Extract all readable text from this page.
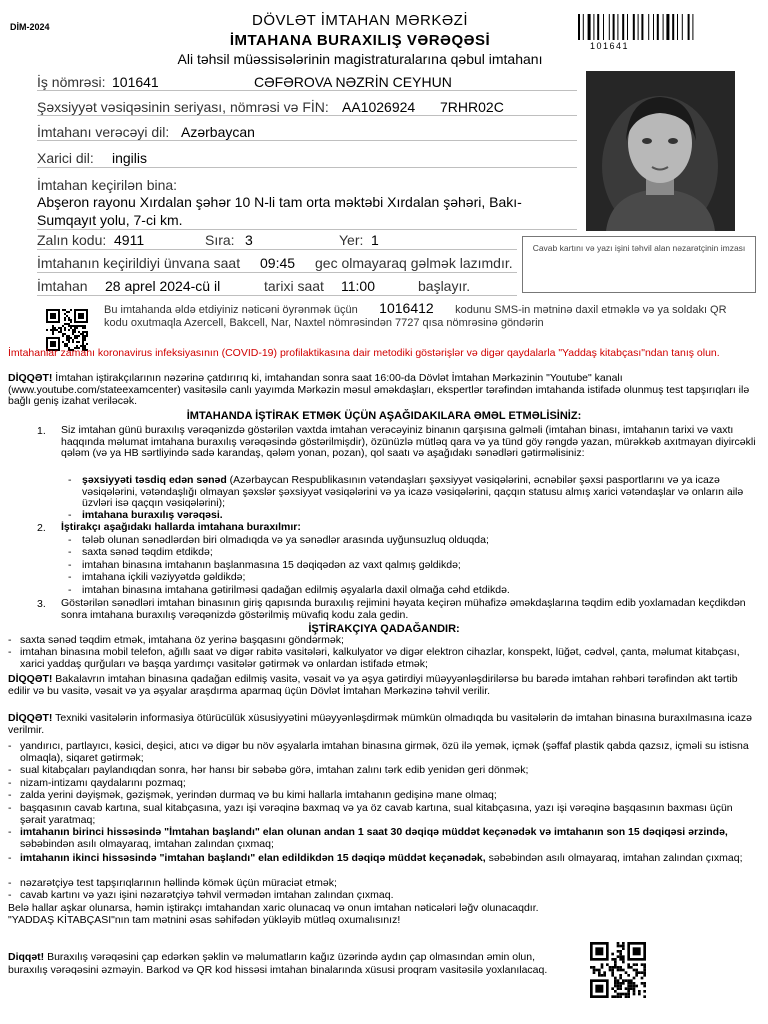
DİM-2024	DÖVLƏT İMTAHAN MƏRKƏZİ
İMTAHANA BURAXILIŞ VƏRƏQƏSİ
Ali təhsil müəssisələrinin magistraturalarına qəbul imtahanı
101641
İş nömrəsi: 101641	CƏFƏROVA NƏZRİN CEYHUN
Şəxsiyyət vəsiqəsinin seriyası, nömrəsi və FİN: AA1026924 7RHR02C
İmtahanı verəcəyi dil: Azərbaycan
Xarici dil: ingilis
İmtahan keçirilən bina:
Abşeron rayonu Xırdalan şəhər 10 N-li tam orta məktəbi Xırdalan şəhəri, Bakı-
Sumqayıt yolu, 7-ci km.
Zalın kodu: 4911	Sıra: 3	Yer: 1
İmtahanın keçirildiyi ünvana saat 09:45 gec olmayaraq gəlmək lazımdır.
İmtahan 28 aprel 2024-cü il	tarixi saat 11:00	başlayır.
Cavab kartını və yazı işini təhvil alan nəzarətçinin imzası
Bu imtahanda əldə etdiyiniz nəticəni öyrənmək üçün 1016412 kodunu SMS-in mətninə daxil etməklə və ya soldakı QR kodu oxutmaqla Azercell, Bakcell, Nar, Naxtel nömrəsindən 7727 qısa nömrəsinə göndərin
İmtahanlar zamanı koronavirus infeksiyasının (COVID-19) profilaktikasına dair metodiki göstərişlər və digər qaydalarla "Yaddaş kitabçası"ndan tanış olun.
DİQQƏT! İmtahan iştirakçılarının nəzərinə çatdırırıq ki, imtahandan sonra saat 16:00-da Dövlət İmtahan Mərkəzinin "Youtube" kanalı (www.youtube.com/stateexamcenter) vasitəsilə canlı yayımda Mərkəzin məsul əməkdaşları, ekspertlər tərəfindən imtahanda istifadə olunmuş test tapşırıqları ilə bağlı geniş izahat veriləcək.
İMTAHANDA İŞTİRAK ETMƏK ÜÇÜN AŞAĞIDAKILARA ƏMƏL ETMƏLİSİNİZ:
1. Siz imtahan günü buraxılış vərəqənizdə göstərilən vaxtda imtahan verəcəyiniz binanın qarşısına gəlməli (imtahan binası, imtahanın tarixi və vaxtı haqqında məlumat imtahana buraxılış vərəqəsində göstərilmişdir), özünüzlə mütləq qara və ya tünd göy rəngdə yazan, mürəkkəb axıtmayan diyircəkli qələm (və ya HB sərtliyində sadə karandaş, qələm yonan, pozan), qol saatı və aşağıdakı sənədləri gətirməlisiniz:
- şəxsiyyəti təsdiq edən sənəd (Azərbaycan Respublikasının vətəndaşları şəxsiyyət vəsiqələrini, əcnəbilər şəxsi pasportlarını və ya icazə vəsiqələrini, vətəndaşlığı olmayan şəxslər şəxsiyyət vəsiqələrini və ya icazə vəsiqələrini, qaçqın statusu almış xarici vətəndaşlar və onların ailə üzvləri isə qaçqın vəsiqələrini);
- imtahana buraxılış vərəqəsi.
2. İştirakçı aşağıdakı hallarda imtahana buraxılmır:
- tələb olunan sənədlərdən biri olmadıqda və ya sənədlər arasında uyğunsuzluq olduqda;
- saxta sənəd təqdim etdikdə;
- imtahan binasına imtahanın başlanmasına 15 dəqiqədən az vaxt qalmış gəldikdə;
- imtahana içkili vəziyyətdə gəldikdə;
- imtahan binasına imtahana gətirilməsi qadağan edilmiş əşyalarla daxil olmağa cəhd etdikdə.
3. Göstərilən sənədləri imtahan binasının giriş qapısında buraxılış rejimini həyata keçirən mühafizə əməkdaşlarına təqdim edib yoxlamadan keçdikdən sonra imtahana buraxılış vərəqənizdə göstərilmiş müvafiq kodu zala gedin.
İŞTİRAKÇIYA QADAĞANDIR:
- saxta sənəd təqdim etmək, imtahana öz yerinə başqasını göndərmək;
- imtahan binasına mobil telefon, ağıllı saat və digər rabitə vasitələri, kalkulyator və digər elektron cihazlar, konspekt, lüğət, cədvəl, çanta, məlumat kitabçası, xarici yaddaş qurğuları və başqa yardımçı vasitələr gətirmək və onlardan istifadə etmək;
DİQQƏT! Bakalavrın imtahan binasına qadağan edilmiş vasitə, vəsait və ya əşya gətirdiyi müəyyənləşdirilərsə bu barədə imtahan rəhbəri tərəfindən akt tərtib edilir və bu vasitə, vəsait və ya əşyalar araşdırma aparmaq üçün Dövlət İmtahan Mərkəzinə təhvil verilir.
DİQQƏT! Texniki vasitələrin informasiya ötürücülük xüsusiyyətini müəyyənləşdirmək mümkün olmadıqda bu vasitələrin də imtahan binasına buraxılmasına icazə verilmir.
- yandırıcı, partlayıcı, kəsici, deşici, atıcı və digər bu növ əşyalarla imtahan binasına girmək, özü ilə yemək, içmək (şəffaf plastik qabda qazsız, içməli su istisna olmaqla), siqaret gətirmək;
- sual kitabçaları paylandıqdan sonra, hər hansı bir səbəbə görə, imtahan zalını tərk edib yenidən geri dönmək;
- nizam-intizamı qaydalarını pozmaq;
- zalda yerini dəyişmək, gəzişmək, yerindən durmaq və bu kimi hallarla imtahanın gedişinə mane olmaq;
- başqasının cavab kartına, sual kitabçasına, yazı işi vərəqinə baxmaq və ya öz cavab kartına, sual kitabçasına, yazı işi vərəqinə başqasının baxması üçün şərait yaratmaq;
- imtahanın birinci hissəsində "İmtahan başlandı" elan olunan andan 1 saat 30 dəqiqə müddət keçənədək və imtahanın son 15 dəqiqəsi ərzində, səbəbindən asılı olmayaraq, imtahan zalından çıxmaq;
- imtahanın ikinci hissəsində "imtahan başlandı" elan edildikdən 15 dəqiqə müddət keçənədək, səbəbindən asılı olmayaraq, imtahan zalından çıxmaq;
- nəzarətçiyə test tapşırıqlarının həllində kömək üçün müraciət etmək;
- cavab kartını və yazı işini nəzarətçiyə təhvil vermədən imtahan zalından çıxmaq.
Belə hallar aşkar olunarsa, həmin iştirakçı imtahandan xaric olunacaq və onun imtahan nəticələri ləğv olunacaqdır.
"YADDAŞ KİTABÇASI"nın tam mətnini əsas səhifədən yükləyib mütləq oxumalısınız!
Diqqət! Buraxılış vərəqəsini çap edərkən şəklin və məlumatların kağız üzərində aydın çap olmasından əmin olun, buraxılış vərəqəsini əzməyin. Barkod və QR kod hissəsi imtahan binalarında xüsusi proqram vasitəsilə yoxlanılacaq.
